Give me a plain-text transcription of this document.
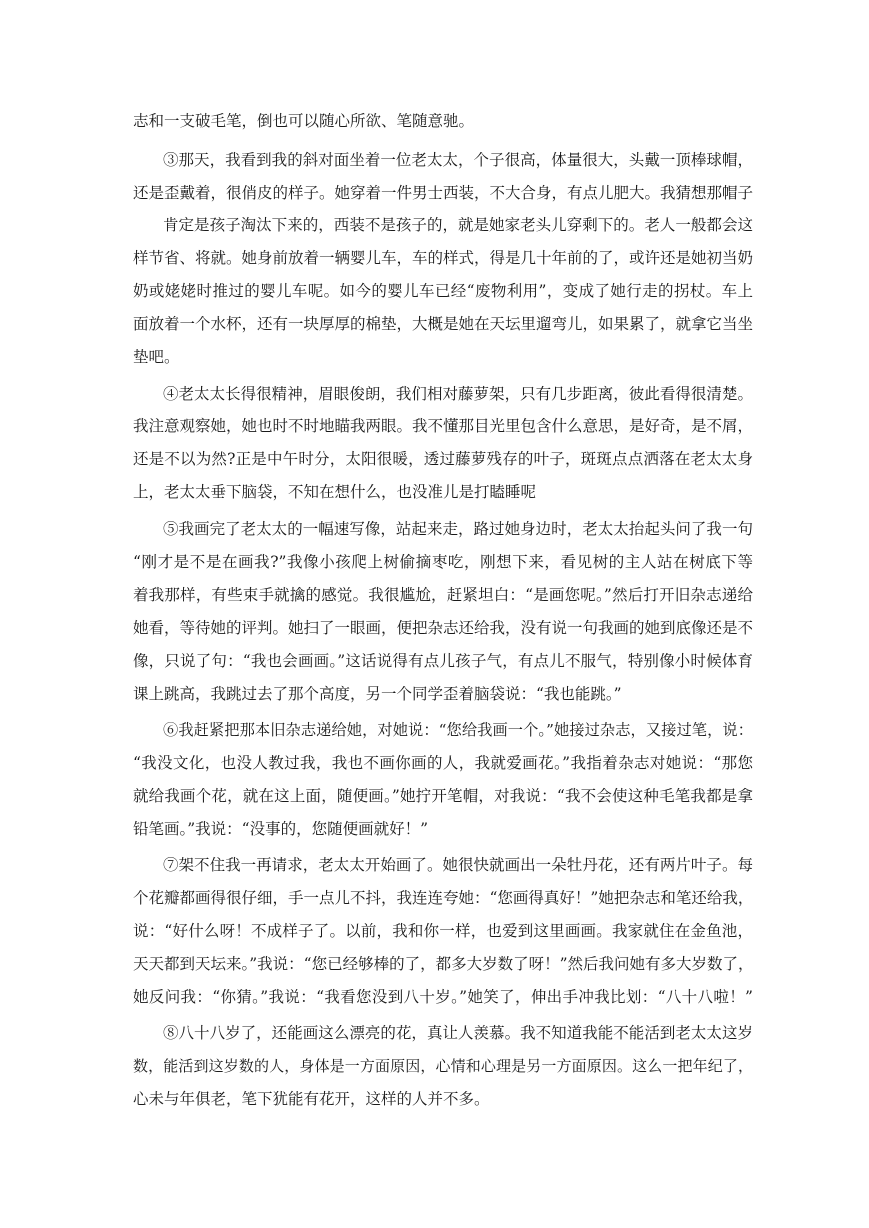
志和一支破毛笔，倒也可以随心所欲、笔随意驰。
③那天，我看到我的斜对面坐着一位老太太，个子很高，体量很大，头戴一顶棒球帽，
还是歪戴着，很俏皮的样子。她穿着一件男士西装，不大合身，有点儿肥大。我猜想那帽子
肯定是孩子淘汰下来的，西装不是孩子的，就是她家老头儿穿剩下的。老人一般都会这
样节省、将就。她身前放着一辆婴儿车，车的样式，得是几十年前的了，或许还是她初当奶
奶或姥姥时推过的婴儿车呢。如今的婴儿车已经“废物利用”，变成了她行走的拐杖。车上
面放着一个水杯，还有一块厚厚的棉垫，大概是她在天坛里遛弯儿，如果累了，就拿它当坐
垫吧。
④老太太长得很精神，眉眼俊朗，我们相对藤萝架，只有几步距离，彼此看得很清楚。
我注意观察她，她也时不时地瞄我两眼。我不懂那目光里包含什么意思，是好奇，是不屑，
还是不以为然?正是中午时分，太阳很暖，透过藤萝残存的叶子，斑斑点点洒落在老太太身
上，老太太垂下脑袋，不知在想什么，也没准儿是打瞌睡呢
⑤我画完了老太太的一幅速写像，站起来走，路过她身边时，老太太抬起头问了我一句
“刚才是不是在画我?”我像小孩爬上树偷摘枣吃，刚想下来，看见树的主人站在树底下等
着我那样，有些束手就擒的感觉。我很尴尬，赶紧坦白：“是画您呢。”然后打开旧杂志递给
她看，等待她的评判。她扫了一眼画，便把杂志还给我，没有说一句我画的她到底像还是不
像，只说了句：“我也会画画。”这话说得有点儿孩子气，有点儿不服气，特别像小时候体育
课上跳高，我跳过去了那个高度，另一个同学歪着脑袋说：“我也能跳。”
⑥我赶紧把那本旧杂志递给她，对她说：“您给我画一个。”她接过杂志，又接过笔，说：
“我没文化，也没人教过我，我也不画你画的人，我就爱画花。”我指着杂志对她说：“那您
就给我画个花，就在这上面，随便画。”她拧开笔帽，对我说：“我不会使这种毛笔我都是拿
铅笔画。”我说：“没事的，您随便画就好！”
⑦架不住我一再请求，老太太开始画了。她很快就画出一朵牡丹花，还有两片叶子。每
个花瓣都画得很仔细，手一点儿不抖，我连连夸她：“您画得真好！”她把杂志和笔还给我，
说：“好什么呀！不成样子了。以前，我和你一样，也爱到这里画画。我家就住在金鱼池，
天天都到天坛来。”我说：“您已经够棒的了，都多大岁数了呀！”然后我问她有多大岁数了，
她反问我：“你猜。”我说：“我看您没到八十岁。”她笑了，伸出手冲我比划：“八十八啦！”
⑧八十八岁了，还能画这么漂亮的花，真让人羡慕。我不知道我能不能活到老太太这岁
数，能活到这岁数的人，身体是一方面原因，心情和心理是另一方面原因。这么一把年纪了，
心未与年俱老，笔下犹能有花开，这样的人并不多。
